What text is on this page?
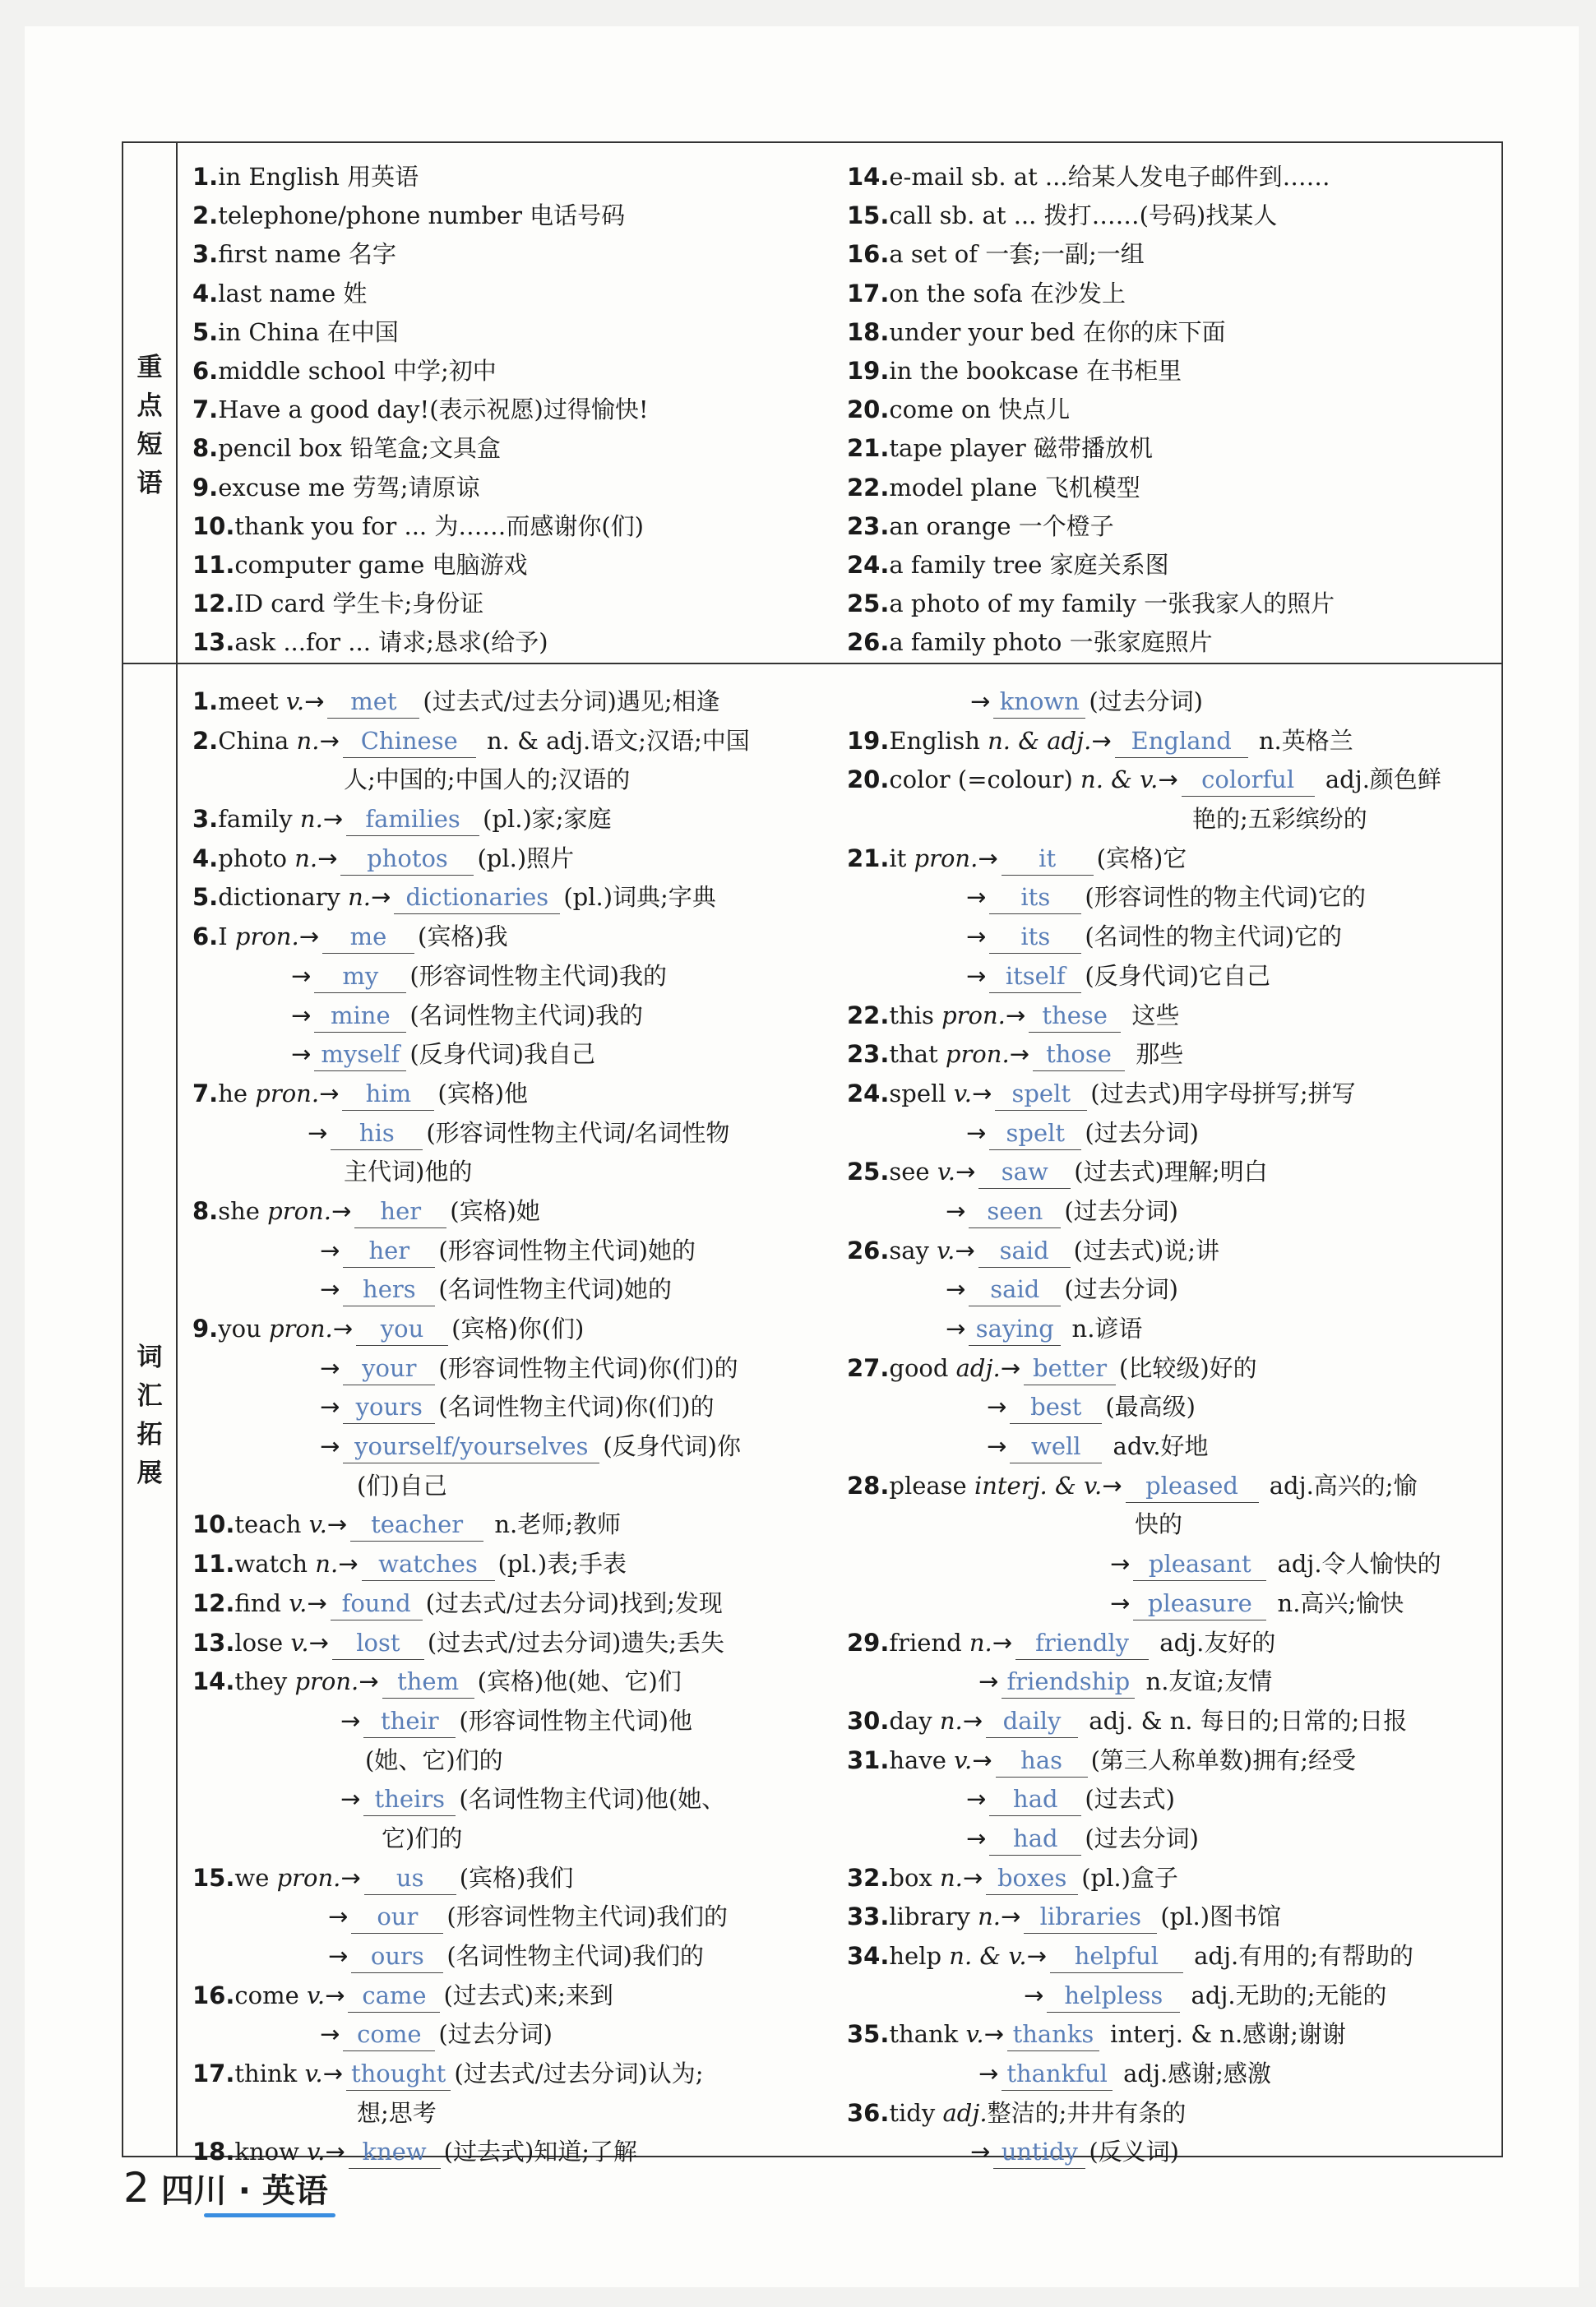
重
点
短
语
词
汇
拓
展
1.in English 用英语
2.telephone/phone number 电话号码
3.first name 名字
4.last name 姓
5.in China 在中国
6.middle school 中学;初中
7.Have a good day!(表示祝愿)过得愉快!
8.pencil box 铅笔盒;文具盒
9.excuse me 劳驾;请原谅
10.thank you for ... 为……而感谢你(们)
11.computer game 电脑游戏
12.ID card 学生卡;身份证
13.ask ...for ... 请求;恳求(给予)
14.e-mail sb. at ...给某人发电子邮件到……
15.call sb. at ... 拨打……(号码)找某人
16.a set of 一套;一副;一组
17.on the sofa 在沙发上
18.under your bed 在你的床下面
19.in the bookcase 在书柜里
20.come on 快点儿
21.tape player 磁带播放机
22.model plane 飞机模型
23.an orange 一个橙子
24.a family tree 家庭关系图
25.a photo of my family 一张我家人的照片
26.a family photo 一张家庭照片
1.meet v.→ met (过去式/过去分词)遇见;相逢
2.China n.→ Chinese n. & adj.语文;汉语;中国
人;中国的;中国人的;汉语的
3.family n.→ families (pl.)家;家庭
4.photo n.→ photos (pl.)照片
5.dictionary n.→ dictionaries (pl.)词典;字典
6.I pron.→ me (宾格)我
→ my (形容词性物主代词)我的
→ mine (名词性物主代词)我的
→ myself (反身代词)我自己
7.he pron.→ him (宾格)他
→ his (形容词性物主代词/名词性物
主代词)他的
8.she pron.→ her (宾格)她
→ her (形容词性物主代词)她的
→ hers (名词性物主代词)她的
9.you pron.→ you (宾格)你(们)
→ your (形容词性物主代词)你(们)的
→ yours (名词性物主代词)你(们)的
→ yourself/yourselves (反身代词)你
(们)自己
10.teach v.→ teacher n.老师;教师
11.watch n.→ watches (pl.)表;手表
12.find v.→ found (过去式/过去分词)找到;发现
13.lose v.→ lost (过去式/过去分词)遗失;丢失
14.they pron.→ them (宾格)他(她、它)们
→ their (形容词性物主代词)他
(她、它)们的
→ theirs (名词性物主代词)他(她、
它)们的
15.we pron.→ us (宾格)我们
→ our (形容词性物主代词)我们的
→ ours (名词性物主代词)我们的
16.come v.→ came (过去式)来;来到
→ come (过去分词)
17.think v.→ thought (过去式/过去分词)认为;
想;思考
18.know v.→ knew (过去式)知道;了解
→ known (过去分词)
19.English n. & adj.→ England n.英格兰
20.color (=colour) n. & v.→ colorful adj.颜色鲜
艳的;五彩缤纷的
21.it pron.→ it (宾格)它
→ its (形容词性的物主代词)它的
→ its (名词性的物主代词)它的
→ itself (反身代词)它自己
22.this pron.→ these 这些
23.that pron.→ those 那些
24.spell v.→ spelt (过去式)用字母拼写;拼写
→ spelt (过去分词)
25.see v.→ saw (过去式)理解;明白
→ seen (过去分词)
26.say v.→ said (过去式)说;讲
→ said (过去分词)
→ saying n.谚语
27.good adj.→ better (比较级)好的
→ best (最高级)
→ well adv.好地
28.please interj. & v.→ pleased adj.高兴的;愉
快的
→ pleasant adj.令人愉快的
→ pleasure n.高兴;愉快
29.friend n.→ friendly adj.友好的
→ friendship n.友谊;友情
30.day n.→ daily adj. & n. 每日的;日常的;日报
31.have v.→ has (第三人称单数)拥有;经受
→ had (过去式)
→ had (过去分词)
32.box n.→ boxes (pl.)盒子
33.library n.→ libraries (pl.)图书馆
34.help n. & v.→ helpful adj.有用的;有帮助的
→ helpless adj.无助的;无能的
35.thank v.→ thanks interj. & n.感谢;谢谢
→ thankful adj.感谢;感激
36.tidy adj.整洁的;井井有条的
→ untidy (反义词)
2 四川 · 英语
